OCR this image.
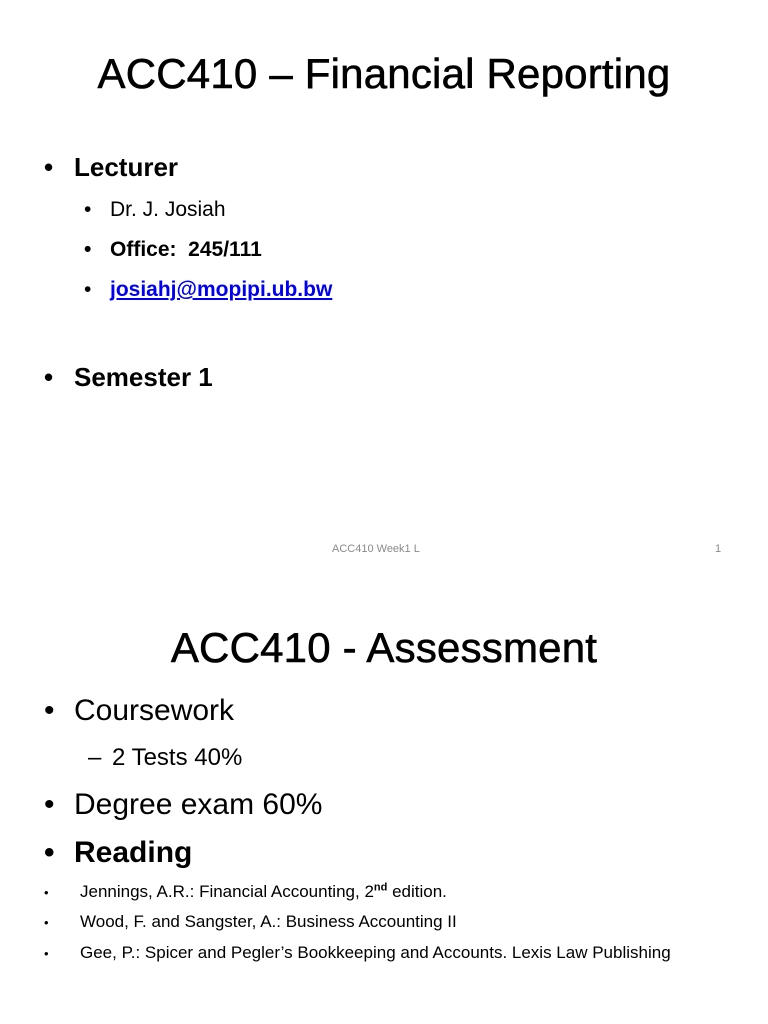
ACC410 – Financial Reporting
• Lecturer
• Dr. J. Josiah
• Office:  245/111
• josiahj@mopipi.ub.bw
• Semester 1
ACC410 Week1 L	1
ACC410 - Assessment
• Coursework
– 2 Tests 40%
• Degree exam 60%
• Reading
•	Jennings, A.R.: Financial Accounting, 2nd edition.
•	Wood, F. and Sangster, A.: Business Accounting II
•	Gee, P.: Spicer and Pegler’s Bookkeeping and Accounts. Lexis Law Publishing
